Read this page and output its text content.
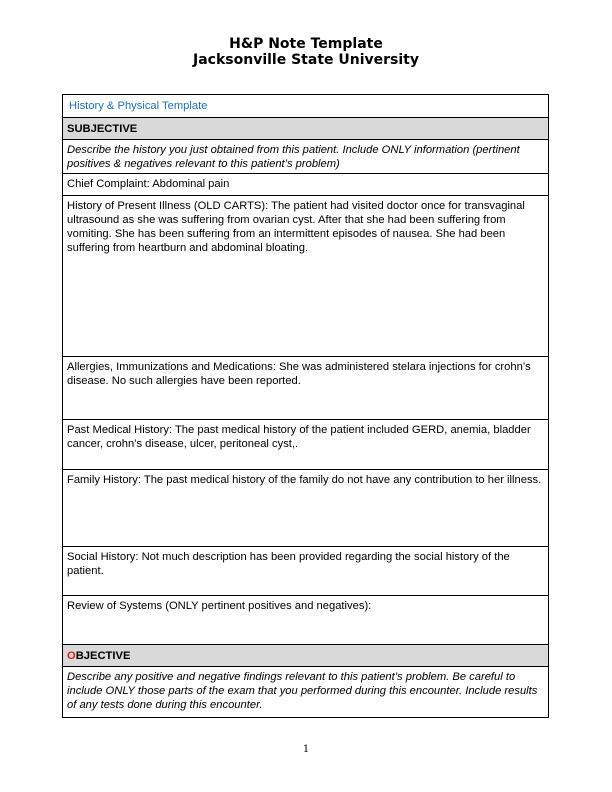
H&P Note Template
Jacksonville State University
History & Physical Template
SUBJECTIVE
Describe the history you just obtained from this patient. Include ONLY information (pertinent positives & negatives relevant to this patient’s problem)
Chief Complaint: Abdominal pain
History of Present Illness (OLD CARTS): The patient had visited doctor once for transvaginal ultrasound as she was suffering from ovarian cyst. After that she had been suffering from vomiting. She has been suffering from an intermittent episodes of nausea. She had been suffering from heartburn and abdominal bloating.
Allergies, Immunizations and Medications: She was administered stelara injections for crohn’s disease. No such allergies have been reported.
Past Medical History: The past medical history of the patient included GERD, anemia, bladder cancer, crohn’s disease, ulcer, peritoneal cyst,.
Family History: The past medical history of the family do not have any contribution to her illness.
Social History: Not much description has been provided regarding the social history of the patient.
Review of Systems (ONLY pertinent positives and negatives):
OBJECTIVE
Describe any positive and negative findings relevant to this patient’s problem. Be careful to include ONLY those parts of the exam that you performed during this encounter. Include results of any tests done during this encounter.
1
